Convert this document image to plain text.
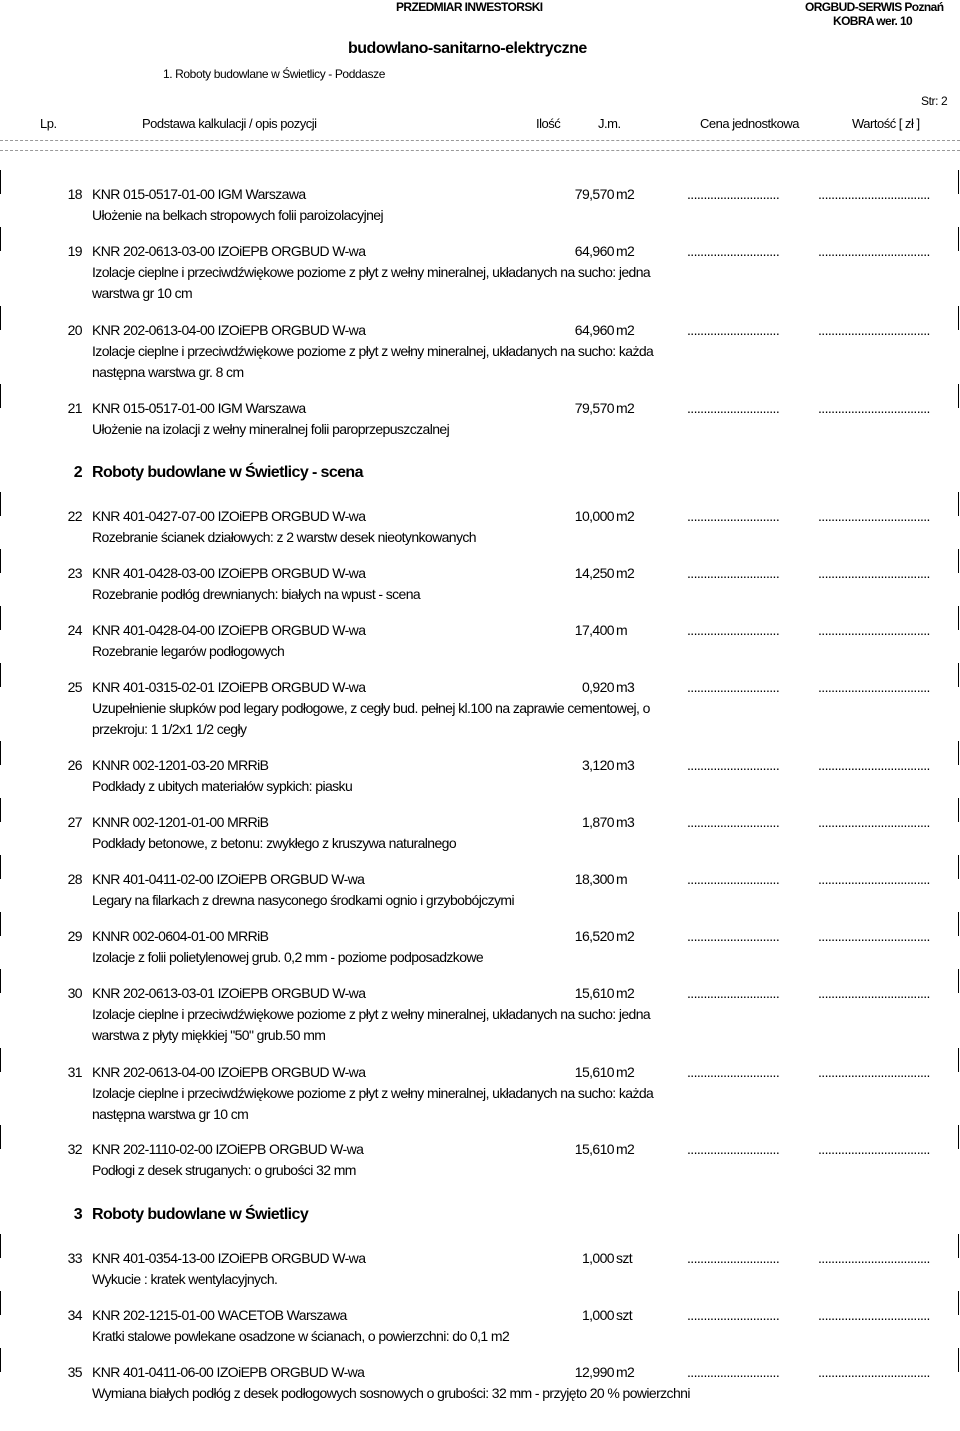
PRZEDMIAR INWESTORSKI	ORGBUD-SERWIS Poznań
KOBRA wer. 10
budowlano-sanitarno-elektryczne
1. Roboty budowlane w Świetlicy - Poddasze
Str: 2
Lp.	Podstawa kalkulacji / opis pozycji	Ilość	J.m.	Cena jednostkowa	Wartość [ zł ]
18 KNR 015-0517-01-00 IGM Warszawa	79,570 m2	............................	..................................
Ułożenie na belkach stropowych folii paroizolacyjnej
19 KNR 202-0613-03-00 IZOiEPB ORGBUD W-wa	64,960 m2	............................	..................................
Izolacje cieplne i przeciwdźwiękowe poziome z płyt z wełny mineralnej, układanych na sucho: jedna warstwa gr 10 cm
20 KNR 202-0613-04-00 IZOiEPB ORGBUD W-wa	64,960 m2	............................	..................................
Izolacje cieplne i przeciwdźwiękowe poziome z płyt z wełny mineralnej, układanych na sucho: każda następna warstwa gr. 8 cm
21 KNR 015-0517-01-00 IGM Warszawa	79,570 m2	............................	..................................
Ułożenie na izolacji z wełny mineralnej folii paroprzepuszczalnej
2 Roboty budowlane w Świetlicy - scena
22 KNR 401-0427-07-00 IZOiEPB ORGBUD W-wa	10,000 m2	............................	..................................
Rozebranie ścianek działowych: z 2 warstw desek nieotynkowanych
23 KNR 401-0428-03-00 IZOiEPB ORGBUD W-wa	14,250 m2	............................	..................................
Rozebranie podłóg drewnianych: białych na wpust - scena
24 KNR 401-0428-04-00 IZOiEPB ORGBUD W-wa	17,400 m	............................	..................................
Rozebranie legarów podłogowych
25 KNR 401-0315-02-01 IZOiEPB ORGBUD W-wa	0,920 m3	............................	..................................
Uzupełnienie słupków pod legary podłogowe, z cegły bud. pełnej kl.100 na zaprawie cementowej, o przekroju: 1 1/2x1 1/2 cegły
26 KNNR 002-1201-03-20 MRRiB	3,120 m3	............................	..................................
Podkłady z ubitych materiałów sypkich: piasku
27 KNNR 002-1201-01-00 MRRiB	1,870 m3	............................	..................................
Podkłady betonowe, z betonu: zwykłego z kruszywa naturalnego
28 KNR 401-0411-02-00 IZOiEPB ORGBUD W-wa	18,300 m	............................	..................................
Legary na filarkach z drewna nasyconego środkami ognio i grzybobójczymi
29 KNNR 002-0604-01-00 MRRiB	16,520 m2	............................	..................................
Izolacje z folii polietylenowej grub. 0,2 mm - poziome podposadzkowe
30 KNR 202-0613-03-01 IZOiEPB ORGBUD W-wa	15,610 m2	............................	..................................
Izolacje cieplne i przeciwdźwiękowe poziome z płyt z wełny mineralnej, układanych na sucho: jedna warstwa z płyty miękkiej "50" grub.50 mm
31 KNR 202-0613-04-00 IZOiEPB ORGBUD W-wa	15,610 m2	............................	..................................
Izolacje cieplne i przeciwdźwiękowe poziome z płyt z wełny mineralnej, układanych na sucho: każda następna warstwa gr 10 cm
32 KNR 202-1110-02-00 IZOiEPB ORGBUD W-wa	15,610 m2	............................	..................................
Podłogi z desek struganych: o grubości 32 mm
3 Roboty budowlane w Świetlicy
33 KNR 401-0354-13-00 IZOiEPB ORGBUD W-wa	1,000 szt	............................	..................................
Wykucie : kratek wentylacyjnych.
34 KNR 202-1215-01-00 WACETOB Warszawa	1,000 szt	............................	..................................
Kratki stalowe powlekane osadzone w ścianach, o powierzchni: do 0,1 m2
35 KNR 401-0411-06-00 IZOiEPB ORGBUD W-wa	12,990 m2	............................	..................................
Wymiana białych podłóg z desek podłogowych sosnowych o grubości: 32 mm - przyjęto 20 % powierzchni
